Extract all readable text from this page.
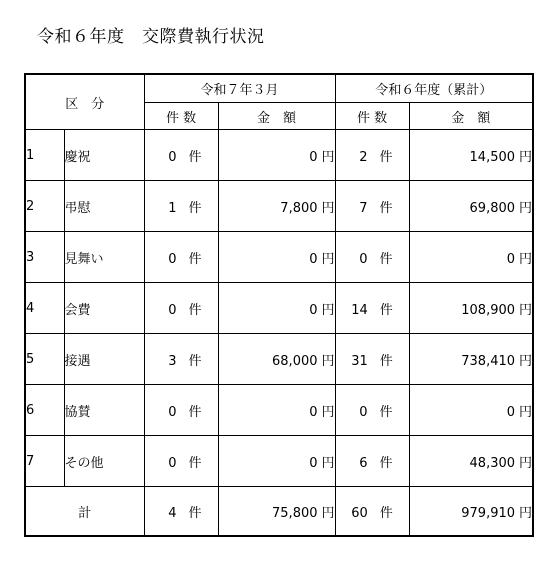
令和６年度　交際費執行状況
区　分		令和７年３月		令和６年度（累計）	
		件 数	金　額	件 数	金　額
1	慶祝	0 件	0 円	2 件	14,500 円
2	弔慰	1 件	7,800 円	7 件	69,800 円
3	見舞い	0 件	0 円	0 件	0 円
4	会費	0 件	0 円	14 件	108,900 円
5	接遇	3 件	68,000 円	31 件	738,410 円
6	協賛	0 件	0 円	0 件	0 円
7	その他	0 件	0 円	6 件	48,300 円
計		4 件	75,800 円	60 件	979,910 円
